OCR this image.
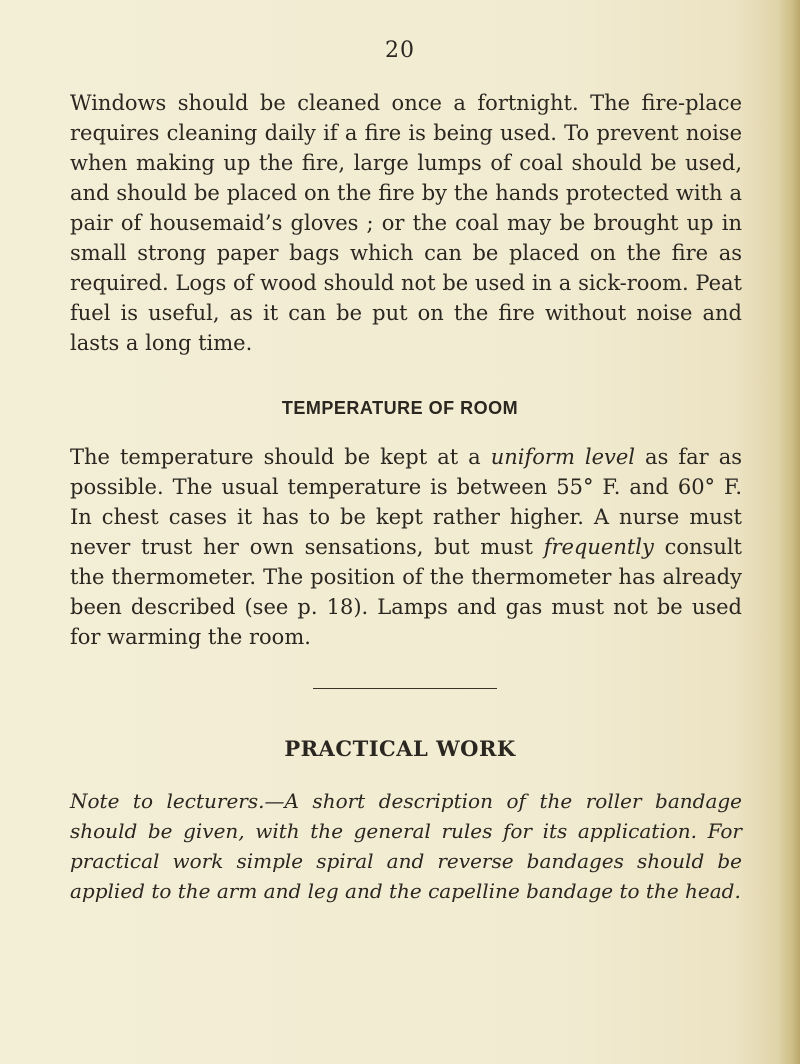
20

Windows should be cleaned once a fortnight. The fire-place requires cleaning daily if a fire is being used. To prevent noise when making up the fire, large lumps of coal should be used, and should be placed on the fire by the hands protected with a pair of housemaid’s gloves ; or the coal may be brought up in small strong paper bags which can be placed on the fire as required. Logs of wood should not be used in a sick-room. Peat fuel is useful, as it can be put on the fire without noise and lasts a long time.

TEMPERATURE OF ROOM

The temperature should be kept at a uniform level as far as possible. The usual temperature is between 55° F. and 60° F. In chest cases it has to be kept rather higher. A nurse must never trust her own sensations, but must frequently consult the thermometer. The position of the thermometer has already been described (see p. 18). Lamps and gas must not be used for warming the room.

PRACTICAL WORK

Note to lecturers.—A short description of the roller bandage should be given, with the general rules for its application. For practical work simple spiral and reverse bandages should be applied to the arm and leg and the capelline bandage to the head.
